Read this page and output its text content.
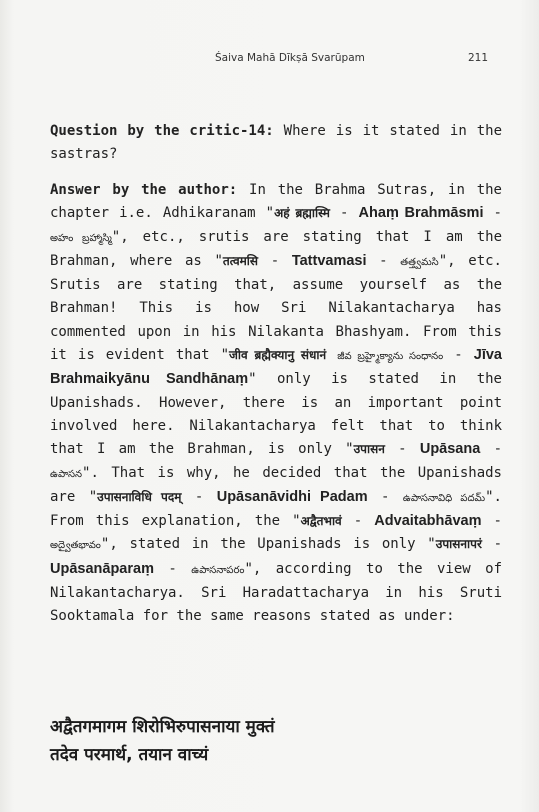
Śaiva Mahā Dīkṣā Svarūpam	211
Question by the critic-14: Where is it stated in the sastras?
Answer by the author: In the Brahma Sutras, in the chapter i.e. Adhikaranam "अहं ब्रह्मास्मि - Ahaṃ Brahmāsmi - అహం బ్రహ్మాస్మి", etc., srutis are stating that I am the Brahman, where as "तत्वमसि - Tattvamasi - తత్త్వమసి", etc. Srutis are stating that, assume yourself as the Brahman! This is how Sri Nilakantacharya has commented upon in his Nilakanta Bhashyam. From this it is evident that "जीव ब्रह्मैक्यानु संधानं జీవ బ్రహ్మైక్యాను సంధానం - Jīva Brahmaikyānu Sandhānaṃ" only is stated in the Upanishads. However, there is an important point involved here. Nilakantacharya felt that to think that I am the Brahman, is only "उपासन - Upāsana - ఉపాసన". That is why, he decided that the Upanishads are "उपासनाविधि पदम् - Upāsanāvidhi Padam - ఉపాసనావిధి పదమ్". From this explanation, the "अद्वैतभावं - Advaitabhāvaṃ - అద్వైతభావం", stated in the Upanishads is only "उपासनापरं - Upāsanāparaṃ - ఉపాసనాపరం", according to the view of Nilakantacharya. Sri Haradattacharya in his Sruti Sooktamala for the same reasons stated as under:
अद्वैतगमागम शिरोभिरुपासनाया मुक्तं
तदेव परमार्थ, तयान वाच्यं
